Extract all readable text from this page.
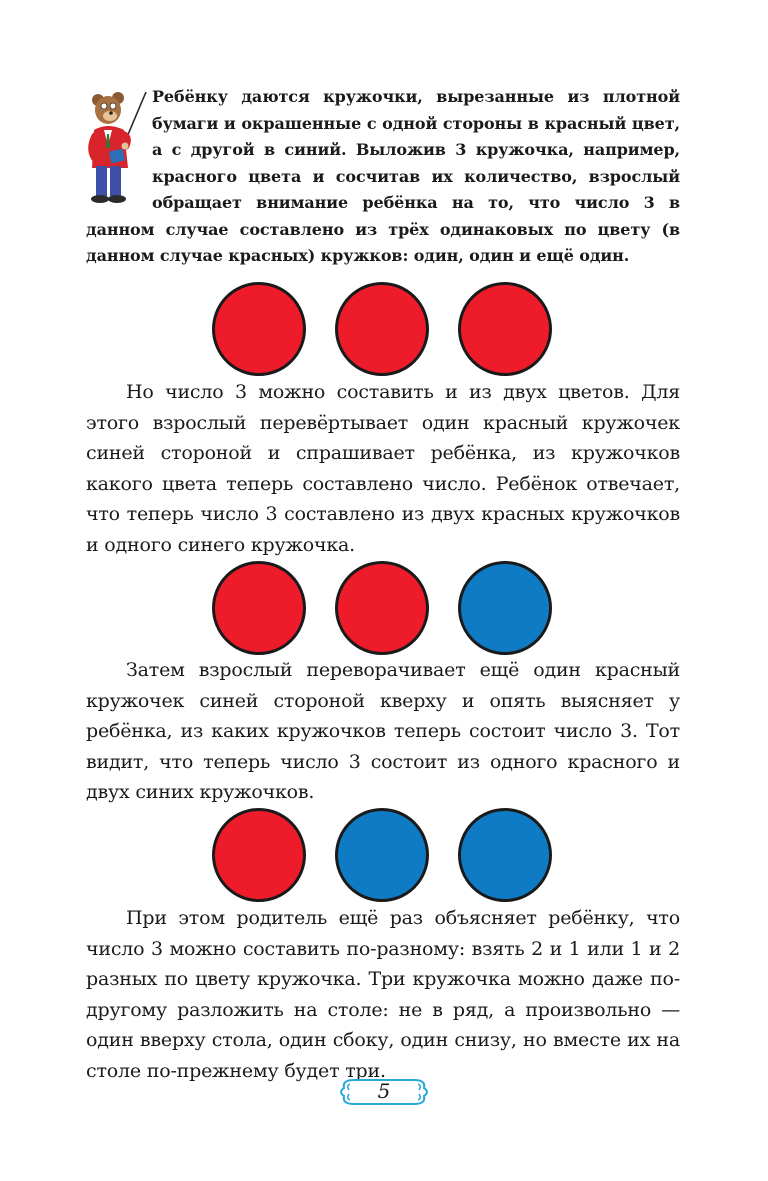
Ребёнку даются кружочки, вырезанные из плотной бумаги и окрашенные с одной стороны в красный цвет, а с другой в синий. Выложив 3 кружочка, например, красного цвета и сосчитав их количество, взрослый обращает внимание ребёнка на то, что число 3 в данном случае составлено из трёх одинаковых по цвету (в данном случае красных) кружков: один, один и ещё один.

Но число 3 можно составить и из двух цветов. Для этого взрослый перевёртывает один красный кружочек синей стороной и спрашивает ребёнка, из кружочков какого цвета теперь составлено число. Ребёнок отвечает, что теперь число 3 составлено из двух красных кружочков и одного синего кружочка.

Затем взрослый переворачивает ещё один красный кружочек синей стороной кверху и опять выясняет у ребёнка, из каких кружочков теперь состоит число 3. Тот видит, что теперь число 3 состоит из одного красного и двух синих кружочков.

При этом родитель ещё раз объясняет ребёнку, что число 3 можно составить по-разному: взять 2 и 1 или 1 и 2 разных по цвету кружочка. Три кружочка можно даже по-другому разложить на столе: не в ряд, а произвольно — один вверху стола, один сбоку, один снизу, но вместе их на столе по-прежнему будет три.

5
